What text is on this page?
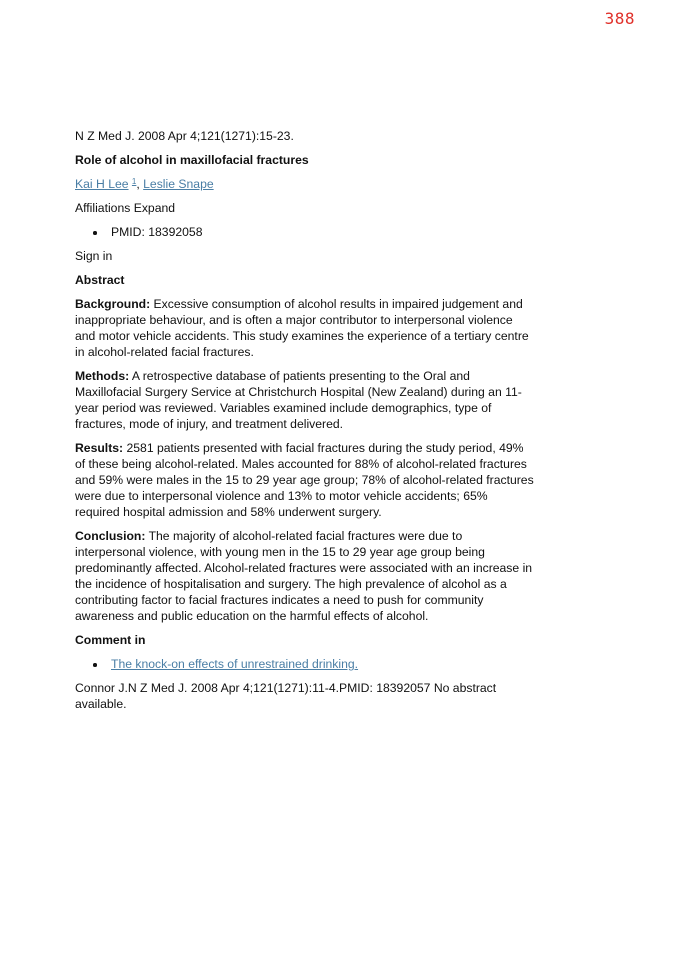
388
N Z Med J. 2008 Apr 4;121(1271):15-23.
Role of alcohol in maxillofacial fractures
Kai H Lee $^1$, Leslie Snape
Affiliations Expand
PMID: 18392058
Sign in
Abstract

Background: Excessive consumption of alcohol results in impaired judgement and inappropriate behaviour, and is often a major contributor to interpersonal violence and motor vehicle accidents. This study examines the experience of a tertiary centre in alcohol-related facial fractures.

Methods: A retrospective database of patients presenting to the Oral and Maxillofacial Surgery Service at Christchurch Hospital (New Zealand) during an 11-year period was reviewed. Variables examined include demographics, type of fractures, mode of injury, and treatment delivered.

Results: 2581 patients presented with facial fractures during the study period, 49% of these being alcohol-related. Males accounted for 88% of alcohol-related fractures and 59% were males in the 15 to 29 year age group; 78% of alcohol-related fractures were due to interpersonal violence and 13% to motor vehicle accidents; 65% required hospital admission and 58% underwent surgery.

Conclusion: The majority of alcohol-related facial fractures were due to interpersonal violence, with young men in the 15 to 29 year age group being predominantly affected. Alcohol-related fractures were associated with an increase in the incidence of hospitalisation and surgery. The high prevalence of alcohol as a contributing factor to facial fractures indicates a need to push for community awareness and public education on the harmful effects of alcohol.

Comment in
The knock-on effects of unrestrained drinking.
Connor J.N Z Med J. 2008 Apr 4;121(1271):11-4.PMID: 18392057 No abstract available.
